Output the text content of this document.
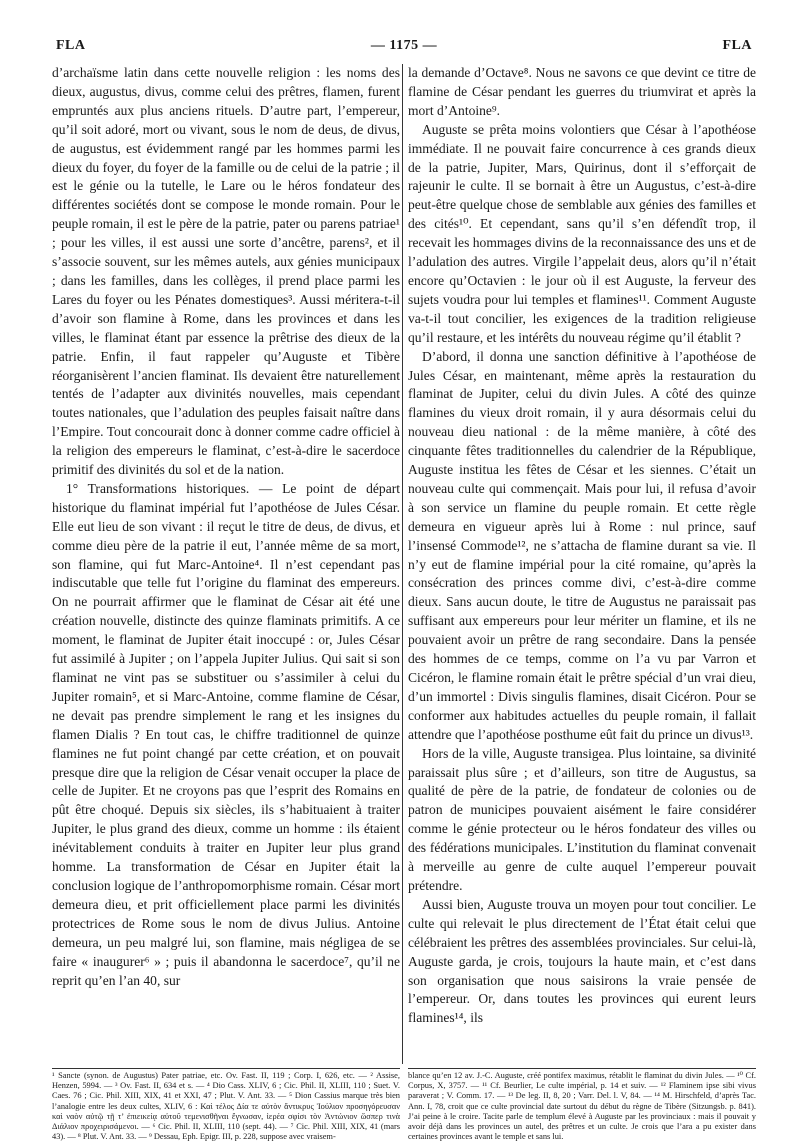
FLA	— 1175 —	FLA

d’archaïsme latin dans cette nouvelle religion : les noms des dieux, augustus, divus, comme celui des prêtres, flamen, furent empruntés aux plus anciens rituels. D’autre part, l’empereur, qu’il soit adoré, mort ou vivant, sous le nom de deus, de divus, de augustus, est évidemment rangé par les hommes parmi les dieux du foyer, du foyer de la famille ou de celui de la patrie ; il est le génie ou la tutelle, le Lare ou le héros fondateur des différentes sociétés dont se compose le monde romain. Pour le peuple romain, il est le père de la patrie, pater ou parens patriae¹ ; pour les villes, il est aussi une sorte d’ancêtre, parens², et il s’associe souvent, sur les mêmes autels, aux génies municipaux ; dans les familles, dans les collèges, il prend place parmi les Lares du foyer ou les Pénates domestiques³. Aussi méritera-t-il d’avoir son flamine à Rome, dans les provinces et dans les villes, le flaminat étant par essence la prêtrise des dieux de la patrie. Enfin, il faut rappeler qu’Auguste et Tibère réorganisèrent l’ancien flaminat. Ils devaient être naturellement tentés de l’adapter aux divinités nouvelles, mais cependant toutes nationales, que l’adulation des peuples faisait naître dans l’Empire. Tout concourait donc à donner comme cadre officiel à la religion des empereurs le flaminat, c’est-à-dire le sacerdoce primitif des divinités du sol et de la nation.

1° Transformations historiques. — Le point de départ historique du flaminat impérial fut l’apothéose de Jules César. Elle eut lieu de son vivant : il reçut le titre de deus, de divus, et comme dieu père de la patrie il eut, l’année même de sa mort, son flamine, qui fut Marc-Antoine⁴. Il n’est cependant pas indiscutable que telle fut l’origine du flaminat des empereurs. On ne pourrait affirmer que le flaminat de César ait été une création nouvelle, distincte des quinze flaminats primitifs. A ce moment, le flaminat de Jupiter était inoccupé : or, Jules César fut assimilé à Jupiter ; on l’appela Jupiter Julius. Qui sait si son flaminat ne vint pas se substituer ou s’assimiler à celui du Jupiter romain⁵, et si Marc-Antoine, comme flamine de César, ne devait pas prendre simplement le rang et les insignes du flamen Dialis ? En tout cas, le chiffre traditionnel de quinze flamines ne fut point changé par cette création, et on pouvait presque dire que la religion de César venait occuper la place de celle de Jupiter. Et ne croyons pas que l’esprit des Romains en pût être choqué. Depuis six siècles, ils s’habituaient à traiter Jupiter, le plus grand des dieux, comme un homme : ils étaient inévitablement conduits à traiter en Jupiter leur plus grand homme. La transformation de César en Jupiter était la conclusion logique de l’anthropomorphisme romain. César mort demeura dieu, et prit officiellement place parmi les divinités protectrices de Rome sous le nom de divus Julius. Antoine demeura, un peu malgré lui, son flamine, mais négligea de se faire « inaugurer⁶ » ; puis il abandonna le sacerdoce⁷, qu’il ne reprit qu’en l’an 40, sur

la demande d’Octave⁸. Nous ne savons ce que devint ce titre de flamine de César pendant les guerres du triumvirat et après la mort d’Antoine⁹.

Auguste se prêta moins volontiers que César à l’apothéose immédiate. Il ne pouvait faire concurrence à ces grands dieux de la patrie, Jupiter, Mars, Quirinus, dont il s’efforçait de rajeunir le culte. Il se bornait à être un Augustus, c’est-à-dire peut-être quelque chose de semblable aux génies des familles et des cités¹⁰. Et cependant, sans qu’il s’en défendît trop, il recevait les hommages divins de la reconnaissance des uns et de l’adulation des autres. Virgile l’appelait deus, alors qu’il n’était encore qu’Octavien : le jour où il est Auguste, la ferveur des sujets voudra pour lui temples et flamines¹¹. Comment Auguste va-t-il tout concilier, les exigences de la tradition religieuse qu’il restaure, et les intérêts du nouveau régime qu’il établit ?

D’abord, il donna une sanction définitive à l’apothéose de Jules César, en maintenant, même après la restauration du flaminat de Jupiter, celui du divin Jules. A côté des quinze flamines du vieux droit romain, il y aura désormais celui du nouveau dieu national : de la même manière, à côté des cinquante fêtes traditionnelles du calendrier de la République, Auguste institua les fêtes de César et les siennes. C’était un nouveau culte qui commençait. Mais pour lui, il refusa d’avoir à son service un flamine du peuple romain. Et cette règle demeura en vigueur après lui à Rome : nul prince, sauf l’insensé Commode¹², ne s’attacha de flamine durant sa vie. Il n’y eut de flamine impérial pour la cité romaine, qu’après la consécration des princes comme divi, c’est-à-dire comme dieux. Sans aucun doute, le titre de Augustus ne paraissait pas suffisant aux empereurs pour leur mériter un flamine, et ils ne pouvaient avoir un prêtre de rang secondaire. Dans la pensée des hommes de ce temps, comme on l’a vu par Varron et Cicéron, le flamine romain était le prêtre spécial d’un vrai dieu, d’un immortel : Divis singulis flamines, disait Cicéron. Pour se conformer aux habitudes actuelles du peuple romain, il fallait attendre que l’apothéose posthume eût fait du prince un divus¹³.

Hors de la ville, Auguste transigea. Plus lointaine, sa divinité paraissait plus sûre ; et d’ailleurs, son titre de Augustus, sa qualité de père de la patrie, de fondateur de colonies ou de patron de municipes pouvaient aisément le faire considérer comme le génie protecteur ou le héros fondateur des villes ou des fédérations municipales. L’institution du flaminat convenait à merveille au genre de culte auquel l’empereur pouvait prétendre.

Aussi bien, Auguste trouva un moyen pour tout concilier. Le culte qui relevait le plus directement de l’État était celui que célébraient les prêtres des assemblées provinciales. Sur celui-là, Auguste garda, je crois, toujours la haute main, et c’est dans son organisation que nous saisirons la vraie pensée de l’empereur. Or, dans toutes les provinces qui eurent leurs flamines¹⁴, ils

¹ Sancte (synon. de Augustus) Pater patriae, etc. Ov. Fast. II, 119 ; Corp. I, 626, etc. — ² Assise, Henzen, 5994. — ³ Ov. Fast. II, 634 et s. — ⁴ Dio Cass. XLIV, 6 ; Cic. Phil. II, XLIII, 110 ; Suet. V. Caes. 76 ; Cic. Phil. XIII, XIX, 41 et XXI, 47 ; Plut. V. Ant. 33. — ⁵ Dion Cassius marque très bien l’analogie entre les deux cultes, XLIV, 6 : Καὶ τέλος Δία τε αὐτὸν ἄντικρυς Ἰούλιον προσηγόρευσαν καὶ ναὸν αὐτῷ τῇ τ’ ἐπιεικείᾳ αὐτοῦ τεμενισθῆναι ἔγνωσαν, ἱερέα σφίσι τὸν Ἀντώνιον ὥσπερ τινὰ Διάλιον προχειρισάμενοι. — ⁶ Cic. Phil. II, XLIII, 110 (sept. 44). — ⁷ Cic. Phil. XIII, XIX, 41 (mars 43). — ⁸ Plut. V. Ant. 33. — ⁹ Dessau, Eph. Epigr. III, p. 228, suppose avec vraisem-
blance qu’en 12 av. J.-C. Auguste, créé pontifex maximus, rétablit le flaminat du divin Jules. — ¹⁰ Cf. Corpus, X, 3757. — ¹¹ Cf. Beurlier, Le culte impérial, p. 14 et suiv. — ¹² Flaminem ipse sibi vivus paraverat ; V. Comm. 17. — ¹³ De leg. II, 8, 20 ; Varr. Del. l. V, 84. — ¹⁴ M. Hirschfeld, d’après Tac. Ann. I, 78, croit que ce culte provincial date surtout du début du règne de Tibère (Sitzungsb. p. 841). J’ai peine à le croire. Tacite parle de templum élevé à Auguste par les provinciaux : mais il pouvait y avoir déjà dans les provinces un autel, des prêtres et un culte. Je crois que l’ara a pu exister dans certaines provinces avant le temple et sans lui.
